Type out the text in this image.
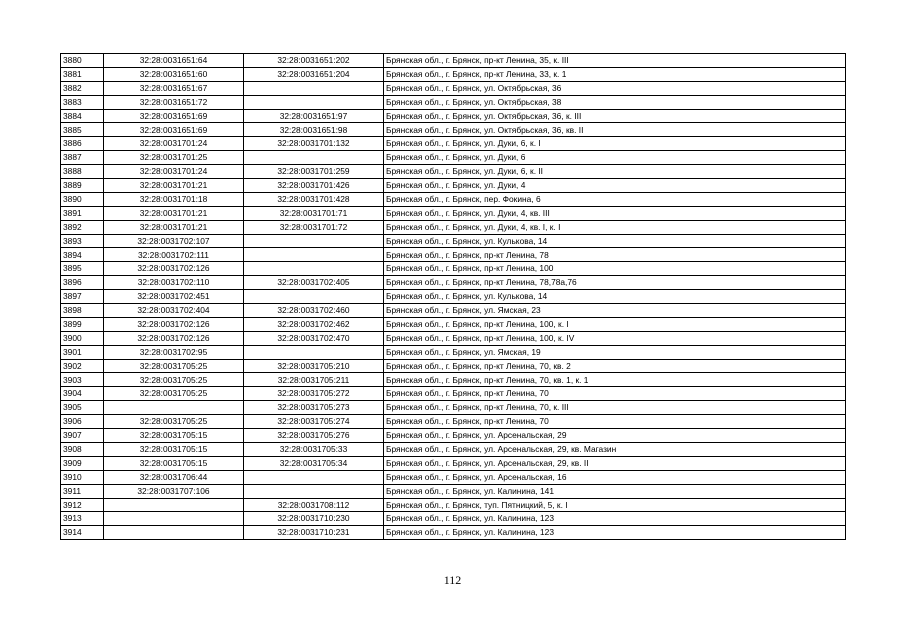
3880	32:28:0031651:64	32:28:0031651:202	Брянская обл., г. Брянск, пр-кт Ленина, 35, к. III
3881	32:28:0031651:60	32:28:0031651:204	Брянская обл., г. Брянск, пр-кт Ленина, 33, к. 1
3882	32:28:0031651:67		Брянская обл., г. Брянск, ул. Октябрьская, 36
3883	32:28:0031651:72		Брянская обл., г. Брянск, ул. Октябрьская, 38
3884	32:28:0031651:69	32:28:0031651:97	Брянская обл., г. Брянск, ул. Октябрьская, 36, к. III
3885	32:28:0031651:69	32:28:0031651:98	Брянская обл., г. Брянск, ул. Октябрьская, 36, кв. II
3886	32:28:0031701:24	32:28:0031701:132	Брянская обл., г. Брянск, ул. Дуки, 6, к. I
3887	32:28:0031701:25		Брянская обл., г. Брянск, ул. Дуки, 6
3888	32:28:0031701:24	32:28:0031701:259	Брянская обл., г. Брянск, ул. Дуки, 6, к. II
3889	32:28:0031701:21	32:28:0031701:426	Брянская обл., г. Брянск, ул. Дуки, 4
3890	32:28:0031701:18	32:28:0031701:428	Брянская обл., г. Брянск, пер. Фокина, 6
3891	32:28:0031701:21	32:28:0031701:71	Брянская обл., г. Брянск, ул. Дуки, 4, кв. III
3892	32:28:0031701:21	32:28:0031701:72	Брянская обл., г. Брянск, ул. Дуки, 4, кв. I, к. I
3893	32:28:0031702:107		Брянская обл., г. Брянск, ул. Кулькова, 14
3894	32:28:0031702:111		Брянская обл., г. Брянск, пр-кт Ленина, 78
3895	32:28:0031702:126		Брянская обл., г. Брянск, пр-кт Ленина, 100
3896	32:28:0031702:110	32:28:0031702:405	Брянская обл., г. Брянск, пр-кт Ленина, 78,78а,76
3897	32:28:0031702:451		Брянская обл., г. Брянск, ул. Кулькова, 14
3898	32:28:0031702:404	32:28:0031702:460	Брянская обл., г. Брянск, ул. Ямская, 23
3899	32:28:0031702:126	32:28:0031702:462	Брянская обл., г. Брянск, пр-кт Ленина, 100, к. I
3900	32:28:0031702:126	32:28:0031702:470	Брянская обл., г. Брянск, пр-кт Ленина, 100, к. IV
3901	32:28:0031702:95		Брянская обл., г. Брянск, ул. Ямская, 19
3902	32:28:0031705:25	32:28:0031705:210	Брянская обл., г. Брянск, пр-кт Ленина, 70, кв. 2
3903	32:28:0031705:25	32:28:0031705:211	Брянская обл., г. Брянск, пр-кт Ленина, 70, кв. 1, к. 1
3904	32:28:0031705:25	32:28:0031705:272	Брянская обл., г. Брянск, пр-кт Ленина, 70
3905		32:28:0031705:273	Брянская обл., г. Брянск, пр-кт Ленина, 70, к. III
3906	32:28:0031705:25	32:28:0031705:274	Брянская обл., г. Брянск, пр-кт Ленина, 70
3907	32:28:0031705:15	32:28:0031705:276	Брянская обл., г. Брянск, ул. Арсенальская, 29
3908	32:28:0031705:15	32:28:0031705:33	Брянская обл., г. Брянск, ул. Арсенальская, 29, кв. Магазин
3909	32:28:0031705:15	32:28:0031705:34	Брянская обл., г. Брянск, ул. Арсенальская, 29, кв. II
3910	32:28:0031706:44		Брянская обл., г. Брянск, ул. Арсенальская, 16
3911	32:28:0031707:106		Брянская обл., г. Брянск, ул. Калинина, 141
3912		32:28:0031708:112	Брянская обл., г. Брянск, туп. Пятницкий, 5, к. I
3913		32:28:0031710:230	Брянская обл., г. Брянск, ул. Калинина, 123
3914		32:28:0031710:231	Брянская обл., г. Брянск, ул. Калинина, 123
112
